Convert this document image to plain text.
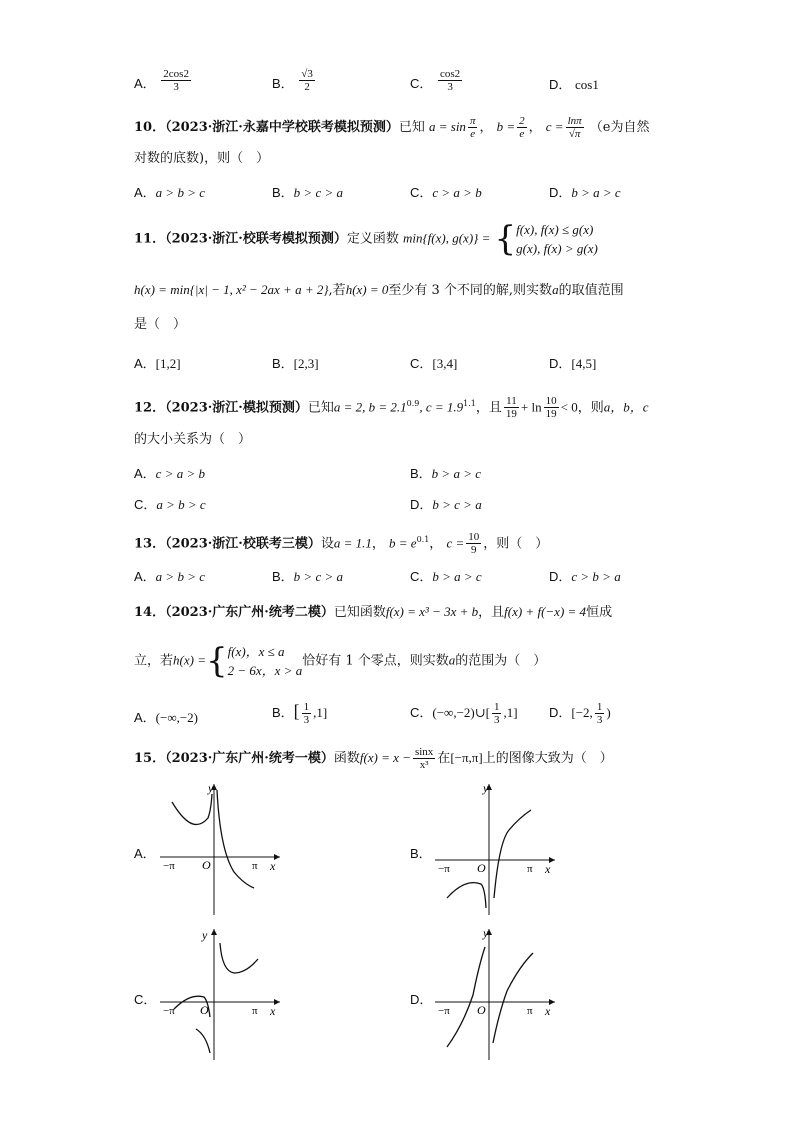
A． $\frac{2\cos 2}{3}$	B． $\frac{√3}{2}$	C． $\frac{\cos 2}{3}$	D． cos1
10．（2023·浙江·永嘉中学校联考模拟预测）已知 $a = \sin \frac{\pi}{e}$ ， $b = \frac{2}{e}$ ， $c = \frac{\ln\pi}{√\pi} (e$为自然
对数的底数)，则（　）
A．a > b > c	B．b > c > a	C．c > a > b	D．b > a > c
11．（2023·浙江·校联考模拟预测）定义函数 min{f(x), g(x)} = { f(x), f(x) ≤ g(x)
g(x), f(x) > g(x)
h(x) = min{|x| − 1, x² − 2ax + a + 2},若h(x) = 0至少有 3 个不同的解,则实数a的取值范围
是（　）
A．[1,2]	B．[2,3]	C．[3,4]	D．[4,5]
12．（2023·浙江·模拟预测）已知a = 2, $b = 2.1^{0.9}$, $c = 1.9^{1.1}$，且 $\frac{11}{19} + \ln \frac{10}{19} < 0$，则a，b，c
的大小关系为（　）
A．c > a > b	B．b > a > c
C．a > b > c	D．b > c > a
13．（2023·浙江·校联考三模）设a = 1.1， $b = e^{0.1}$， $c = \frac{10}{9}$ ，则（　）
A．a > b > c	B．b > c > a	C．b > a > c	D．c > b > a
14．（2023·广东广州·统考二模）已知函数f(x) = x³ − 3x + b，且f(x) + f(−x) = 4恒成
立，若h(x) ={ f(x)，x ≤ a
2 − 6x，x > a
恰好有 1 个零点，则实数a的范围为（　）
A．(−∞,−2)	B．[ $\frac{1}{3} ,1$]	C．(−∞,−2)∪[ $\frac{1}{3} ,1$] D．[−2, $\frac{1}{3}$ )
15．（2023·广东广州·统考一模）函数$f(x) = x - \frac{\sin x}{\text{x³}}$ 在[−π,π]上的图像大致为（　）
A．
y
x
O
−π	π
B．
y
x
O
−π	π
C．
y
x
O
−π	π
D．
y
x
O
−π	π
